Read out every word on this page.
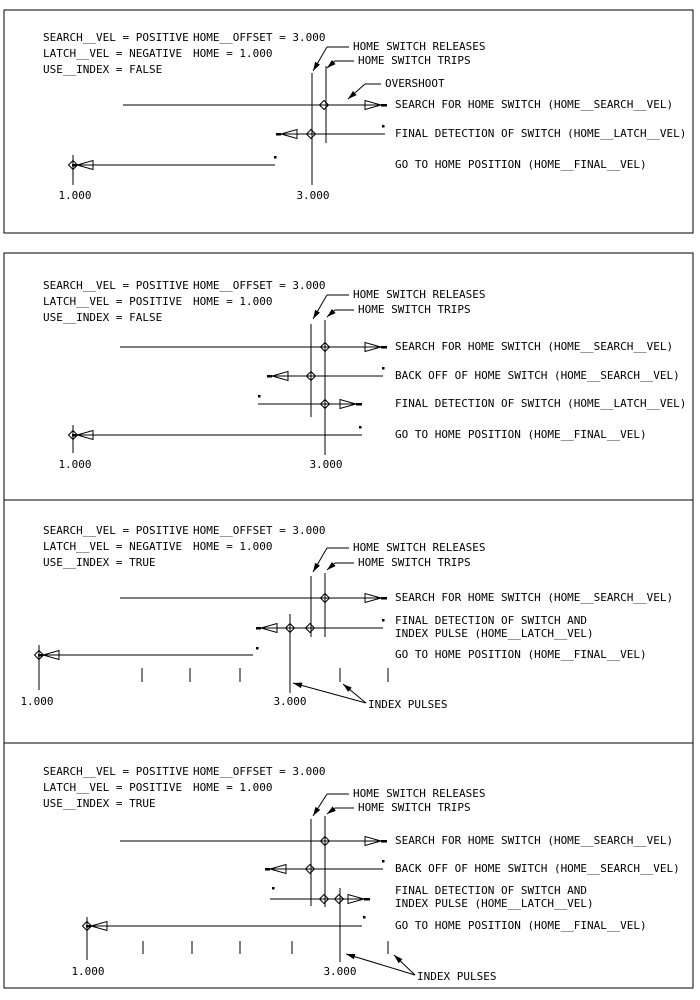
SEARCH__VEL = POSITIVE
LATCH__VEL = NEGATIVE
USE__INDEX = FALSE
HOME__OFFSET = 3.000
HOME = 1.000
HOME SWITCH RELEASES
HOME SWITCH TRIPS
OVERSHOOT
SEARCH FOR HOME SWITCH (HOME__SEARCH__VEL)
FINAL DETECTION OF SWITCH (HOME__LATCH__VEL)
GO TO HOME POSITION (HOME__FINAL__VEL)
1.000	3.000
SEARCH__VEL = POSITIVE
LATCH__VEL = POSITIVE
USE__INDEX = FALSE
HOME__OFFSET = 3.000
HOME = 1.000
HOME SWITCH RELEASES
HOME SWITCH TRIPS
SEARCH FOR HOME SWITCH (HOME__SEARCH__VEL)
BACK OFF OF HOME SWITCH (HOME__SEARCH__VEL)
FINAL DETECTION OF SWITCH (HOME__LATCH__VEL)
GO TO HOME POSITION (HOME__FINAL__VEL)
1.000	3.000
SEARCH__VEL = POSITIVE
LATCH__VEL = NEGATIVE
USE__INDEX = TRUE
HOME__OFFSET = 3.000
HOME = 1.000	HOME SWITCH RELEASES
HOME SWITCH TRIPS
SEARCH FOR HOME SWITCH (HOME__SEARCH__VEL)
FINAL DETECTION OF SWITCH AND
INDEX PULSE (HOME__LATCH__VEL)
GO TO HOME POSITION (HOME__FINAL__VEL)
1.000	3.000	INDEX PULSES
SEARCH__VEL = POSITIVE
LATCH__VEL = POSITIVE
USE__INDEX = TRUE
HOME__OFFSET = 3.000
HOME = 1.000	HOME SWITCH RELEASES
HOME SWITCH TRIPS
SEARCH FOR HOME SWITCH (HOME__SEARCH__VEL)
BACK OFF OF HOME SWITCH (HOME__SEARCH__VEL)
FINAL DETECTION OF SWITCH AND
INDEX PULSE (HOME__LATCH__VEL)
GO TO HOME POSITION (HOME__FINAL__VEL)
1.000	3.000	INDEX PULSES
